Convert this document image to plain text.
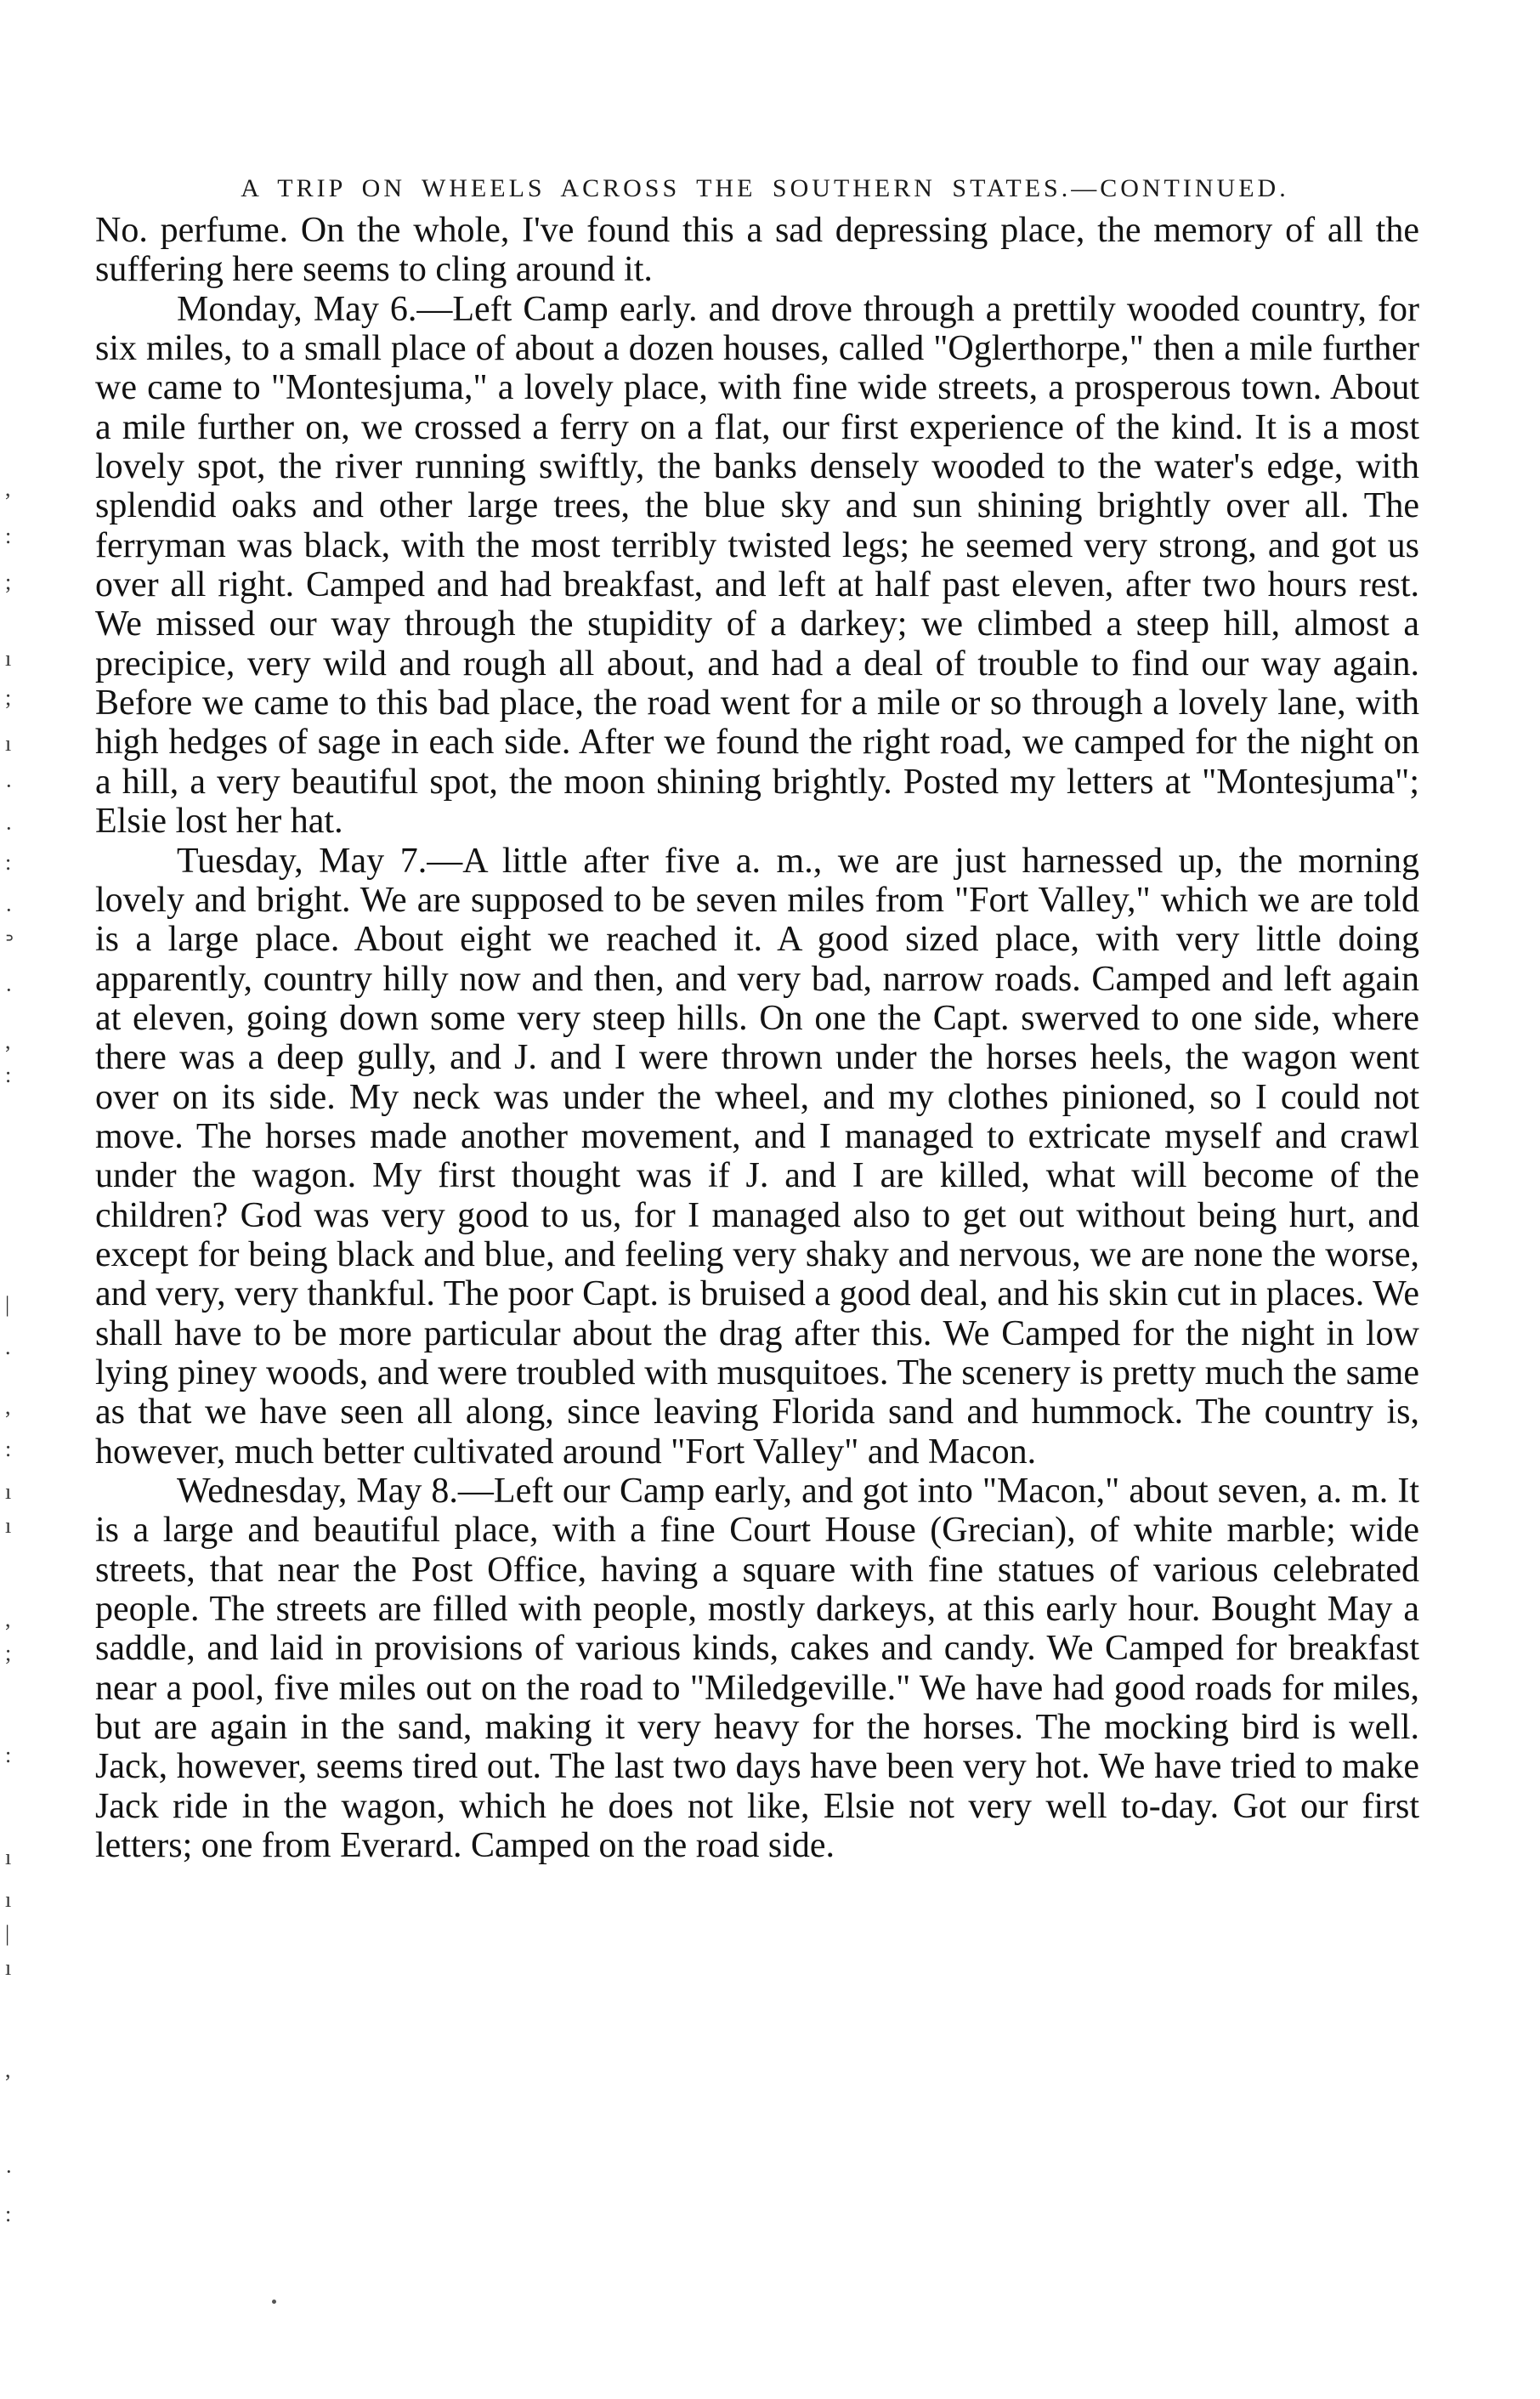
A TRIP ON WHEELS ACROSS THE SOUTHERN STATES.—CONTINUED.

No. perfume. On the whole, I've found this a sad depressing place, the memory of all the suffering here seems to cling around it.

Monday, May 6.—Left Camp early. and drove through a prettily wooded country, for six miles, to a small place of about a dozen houses, called "Oglerthorpe," then a mile further we came to "Montesjuma," a lovely place, with fine wide streets, a prosperous town. About a mile further on, we crossed a ferry on a flat, our first experience of the kind. It is a most lovely spot, the river running swiftly, the banks densely wooded to the water's edge, with splendid oaks and other large trees, the blue sky and sun shining brightly over all. The ferryman was black, with the most terribly twisted legs; he seemed very strong, and got us over all right. Camped and had breakfast, and left at half past eleven, after two hours rest. We missed our way through the stupidity of a darkey; we climbed a steep hill, almost a precipice, very wild and rough all about, and had a deal of trouble to find our way again. Before we came to this bad place, the road went for a mile or so through a lovely lane, with high hedges of sage in each side. After we found the right road, we camped for the night on a hill, a very beautiful spot, the moon shining brightly. Posted my letters at "Montesjuma"; Elsie lost her hat.

Tuesday, May 7.—A little after five a. m., we are just harnessed up, the morning lovely and bright. We are supposed to be seven miles from "Fort Valley," which we are told is a large place. About eight we reached it. A good sized place, with very little doing apparently, country hilly now and then, and very bad, narrow roads. Camped and left again at eleven, going down some very steep hills. On one the Capt. swerved to one side, where there was a deep gully, and J. and I were thrown under the horses heels, the wagon went over on its side. My neck was under the wheel, and my clothes pinioned, so I could not move. The horses made another movement, and I managed to extricate myself and crawl under the wagon. My first thought was if J. and I are killed, what will become of the children? God was very good to us, for I managed also to get out without being hurt, and except for being black and blue, and feeling very shaky and nervous, we are none the worse, and very, very thankful. The poor Capt. is bruised a good deal, and his skin cut in places. We shall have to be more particular about the drag after this. We Camped for the night in low lying piney woods, and were troubled with musquitoes. The scenery is pretty much the same as that we have seen all along, since leaving Florida sand and hummock. The country is, however, much better cultivated around "Fort Valley" and Macon.

Wednesday, May 8.—Left our Camp early, and got into "Macon," about seven, a. m. It is a large and beautiful place, with a fine Court House (Grecian), of white marble; wide streets, that near the Post Office, having a square with fine statues of various celebrated people. The streets are filled with people, mostly darkeys, at this early hour. Bought May a saddle, and laid in provisions of various kinds, cakes and candy. We Camped for breakfast near a pool, five miles out on the road to "Miledgeville." We have had good roads for miles, but are again in the sand, making it very heavy for the horses. The mocking bird is well. Jack, however, seems tired out. The last two days have been very hot. We have tried to make Jack ride in the wagon, which he does not like, Elsie not very well to-day. Got our first letters; one from Everard. Camped on the road side.

,
:
;
ı
;
ı
·
·
:
·
ᐣ
·
,
:
|
.
,
:
ı
ı
,
;
:
ı
ı
|
ı
,
·
:
